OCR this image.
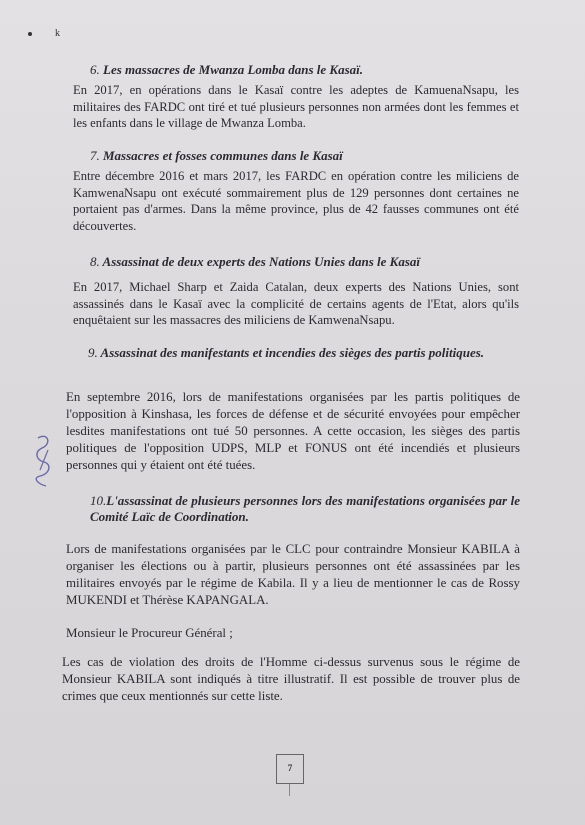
k
6. Les massacres de Mwanza Lomba dans le Kasaï.
En 2017, en opérations dans le Kasaï contre les adeptes de KamuenaNsapu, les militaires des FARDC ont tiré et tué plusieurs personnes non armées dont les femmes et les enfants dans le village de Mwanza Lomba.
7. Massacres et fosses communes dans le Kasaï
Entre décembre 2016 et mars 2017, les FARDC en opération contre les miliciens de KamwenaNsapu ont exécuté sommairement plus de 129 personnes dont certaines ne portaient pas d'armes. Dans la même province, plus de 42 fausses communes ont été découvertes.
8. Assassinat de deux experts des Nations Unies dans le Kasaï
En 2017, Michael Sharp et Zaida Catalan, deux experts des Nations Unies, sont assassinés dans le Kasaï avec la complicité de certains agents de l'Etat, alors qu'ils enquêtaient sur les massacres des miliciens de KamwenaNsapu.
9. Assassinat des manifestants et incendies des sièges des partis politiques.
En septembre 2016, lors de manifestations organisées par les partis politiques de l'opposition à Kinshasa, les forces de défense et de sécurité envoyées pour empêcher lesdites manifestations ont tué 50 personnes. A cette occasion, les sièges des partis politiques de l'opposition UDPS, MLP et FONUS ont été incendiés et plusieurs personnes qui y étaient ont été tuées.
10.L'assassinat de plusieurs personnes lors des manifestations organisées par le Comité Laïc de Coordination.
Lors de manifestations organisées par le CLC pour contraindre Monsieur KABILA à organiser les élections ou à partir, plusieurs personnes ont été assassinées par les militaires envoyés par le régime de Kabila. Il y a lieu de mentionner le cas de Rossy MUKENDI et Thérèse KAPANGALA.
Monsieur le Procureur Général ;
Les cas de violation des droits de l'Homme ci-dessus survenus sous le régime de Monsieur KABILA sont indiqués à titre illustratif. Il est possible de trouver plus de crimes que ceux mentionnés sur cette liste.
7
